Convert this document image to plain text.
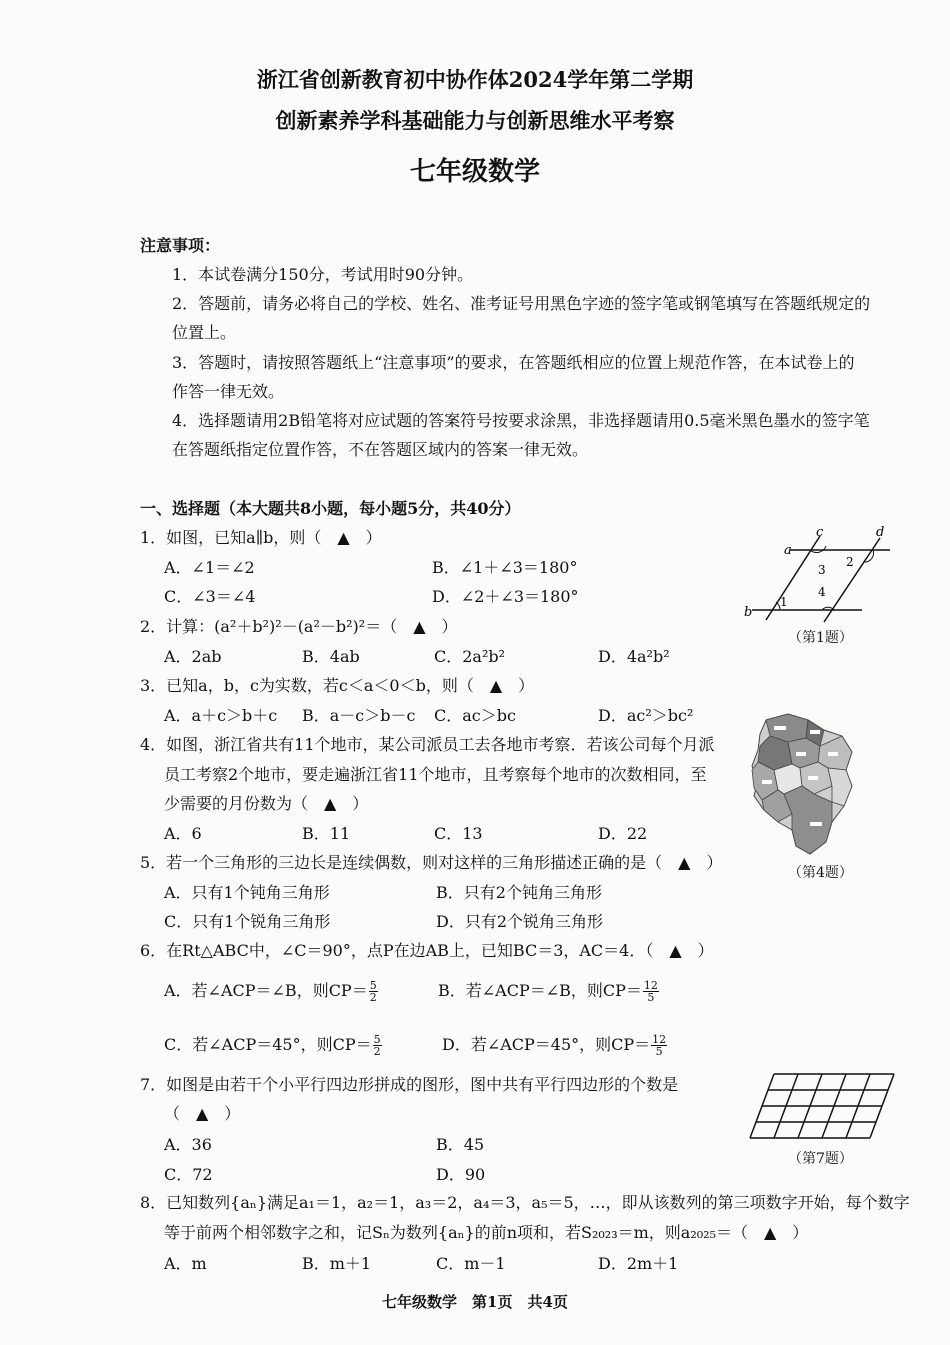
浙江省创新教育初中协作体2024学年第二学期
创新素养学科基础能力与创新思维水平考察
七年级数学
注意事项：
1．本试卷满分150分，考试用时90分钟。
2．答题前，请务必将自己的学校、姓名、准考证号用黑色字迹的签字笔或钢笔填写在答题纸规定的
位置上。
3．答题时，请按照答题纸上“注意事项”的要求，在答题纸相应的位置上规范作答，在本试卷上的
作答一律无效。
4．选择题请用2B铅笔将对应试题的答案符号按要求涂黑，非选择题请用0.5毫米黑色墨水的签字笔
在答题纸指定位置作答，不在答题区域内的答案一律无效。
一、选择题（本大题共8小题，每小题5分，共40分）
1．如图，已知a∥b，则（　▲　）
A．∠1＝∠2	B．∠1＋∠3＝180°
C．∠3＝∠4	D．∠2＋∠3＝180°
a
b
c	d
1
2
3
4
（第1题）
2．计算：(a²＋b²)²－(a²－b²)²＝（　▲　）
A．2ab	B．4ab	C．2a²b²	D．4a²b²
3．已知a，b，c为实数，若c＜a＜0＜b，则（　▲　）
A．a＋c＞b＋c B．a－c＞b－c C．ac＞bc	D．ac²＞bc²
4．如图，浙江省共有11个地市，某公司派员工去各地市考察．若该公司每个月派
员工考察2个地市，要走遍浙江省11个地市，且考察每个地市的次数相同，至
少需要的月份数为（　▲　）
A．6	B．11	C．13	D．22
（第4题）
5．若一个三角形的三边长是连续偶数，则对这样的三角形描述正确的是（　▲　）
A．只有1个钝角三角形	B．只有2个钝角三角形
C．只有1个锐角三角形	D．只有2个锐角三角形
6．在Rt△ABC中，∠C＝90°，点P在边AB上，已知BC＝3，AC＝4．（　▲　）
A．若∠ACP＝∠B，则$CP= \frac{5}{2}$	B．若∠ACP＝∠B，则$CP= \frac{12}{5}$
C．若∠ACP＝45°，则$CP= \frac{5}{2}$	D．若∠ACP＝45°，则$CP= \frac{12}{5}$
7．如图是由若干个小平行四边形拼成的图形，图中共有平行四边形的个数是
（　▲　）
A．36	B．45
C．72	D．90
（第7题）
8．已知数列{aₙ}满足a₁＝1，a₂＝1，a₃＝2，a₄＝3，a₅＝5，…，即从该数列的第三项数字开始，每个数字
等于前两个相邻数字之和，记Sₙ为数列{aₙ}的前n项和，若S₂₀₂₃＝m，则a₂₀₂₅＝（　▲　）
A．m	B．m＋1	C．m－1	D．2m＋1
七年级数学　第1页　共4页
